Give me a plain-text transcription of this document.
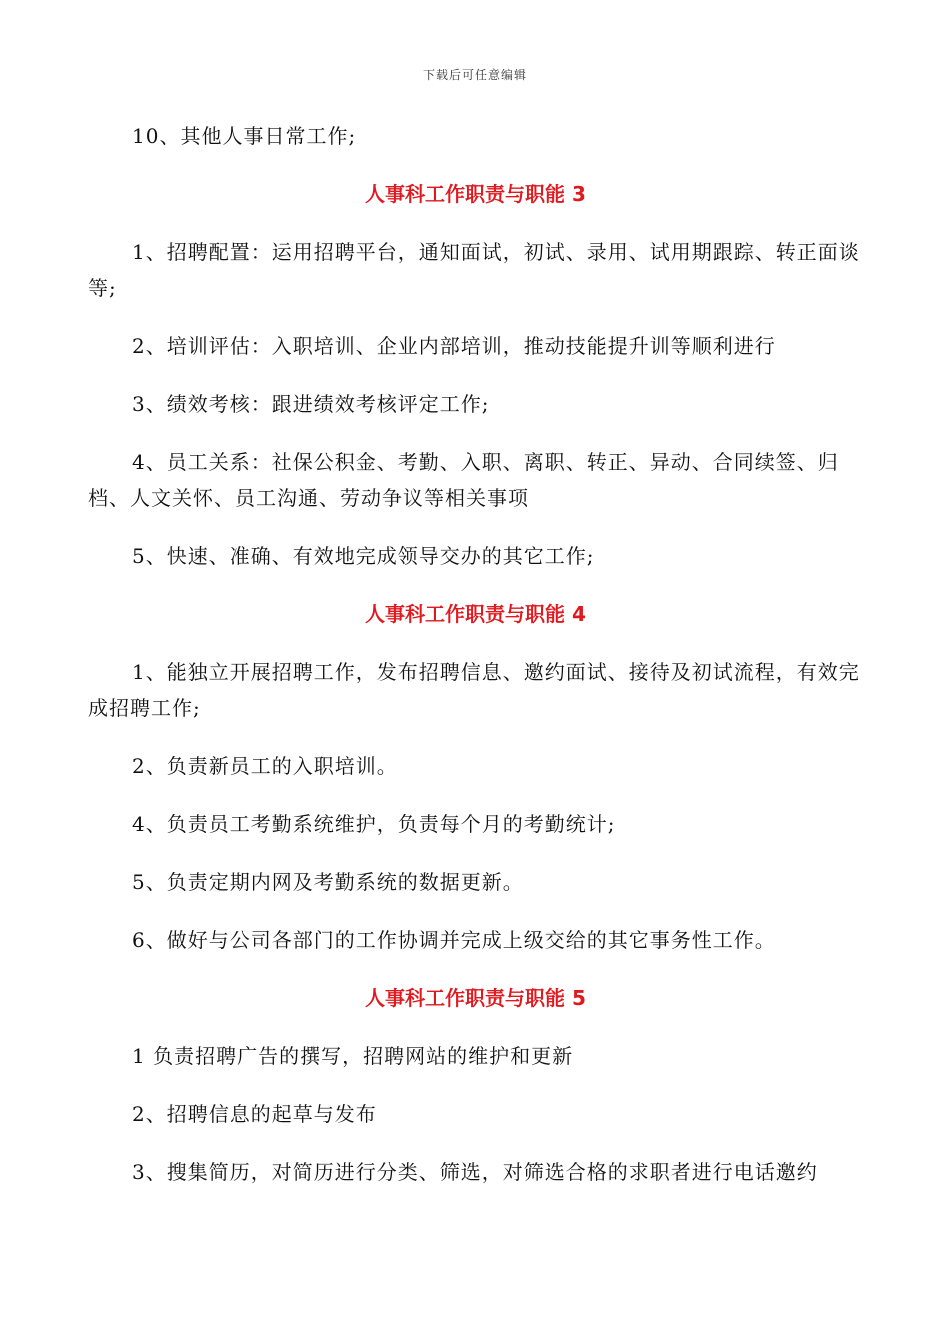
下载后可任意编辑

10、其他人事日常工作;

人事科工作职责与职能 3

1、招聘配置：运用招聘平台，通知面试，初试、录用、试用期跟踪、转正面谈等;

2、培训评估：入职培训、企业内部培训，推动技能提升训等顺利进行

3、绩效考核：跟进绩效考核评定工作;

4、员工关系：社保公积金、考勤、入职、离职、转正、异动、合同续签、归档、人文关怀、员工沟通、劳动争议等相关事项

5、快速、准确、有效地完成领导交办的其它工作;

人事科工作职责与职能 4

1、能独立开展招聘工作，发布招聘信息、邀约面试、接待及初试流程，有效完成招聘工作;

2、负责新员工的入职培训。

4、负责员工考勤系统维护，负责每个月的考勤统计;

5、负责定期内网及考勤系统的数据更新。

6、做好与公司各部门的工作协调并完成上级交给的其它事务性工作。

人事科工作职责与职能 5

1 负责招聘广告的撰写，招聘网站的维护和更新

2、招聘信息的起草与发布

3、搜集简历，对简历进行分类、筛选，对筛选合格的求职者进行电话邀约
